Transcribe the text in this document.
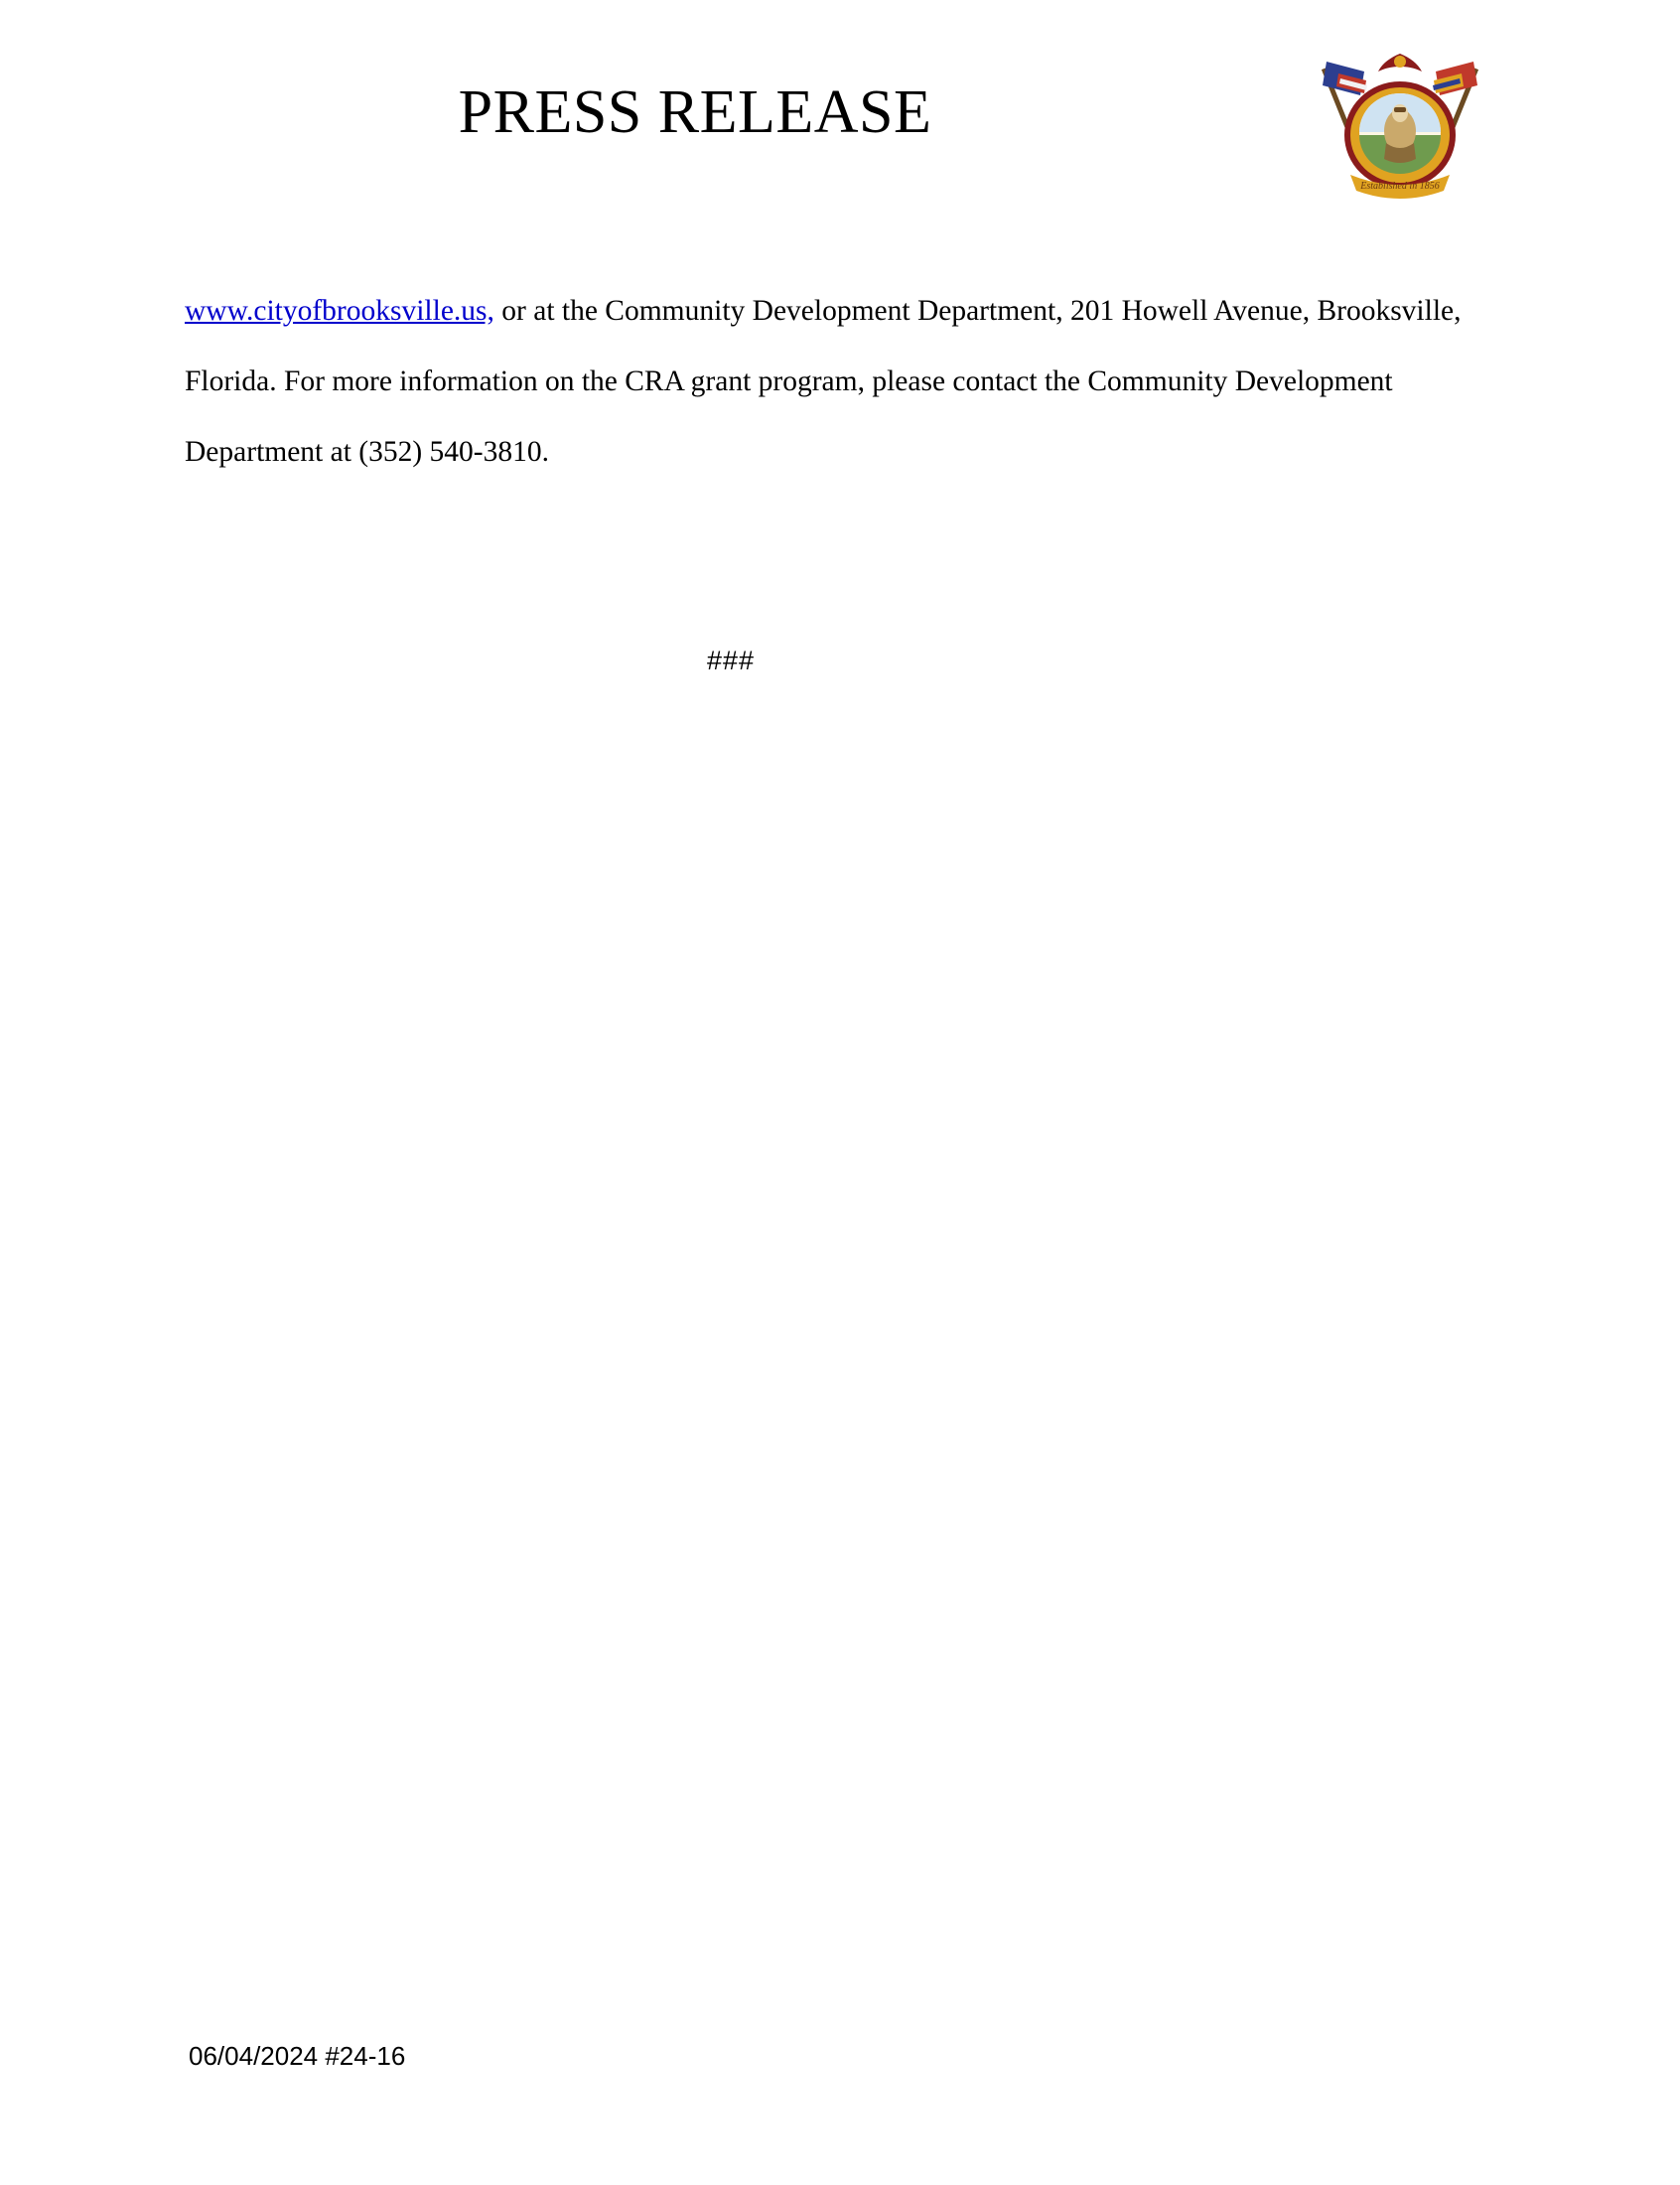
PRESS RELEASE
Established in 1856

www.cityofbrooksville.us, or at the Community Development Department, 201 Howell Avenue, Brooksville, Florida. For more information on the CRA grant program, please contact the Community Development Department at (352) 540-3810.

###
06/04/2024 #24-16
